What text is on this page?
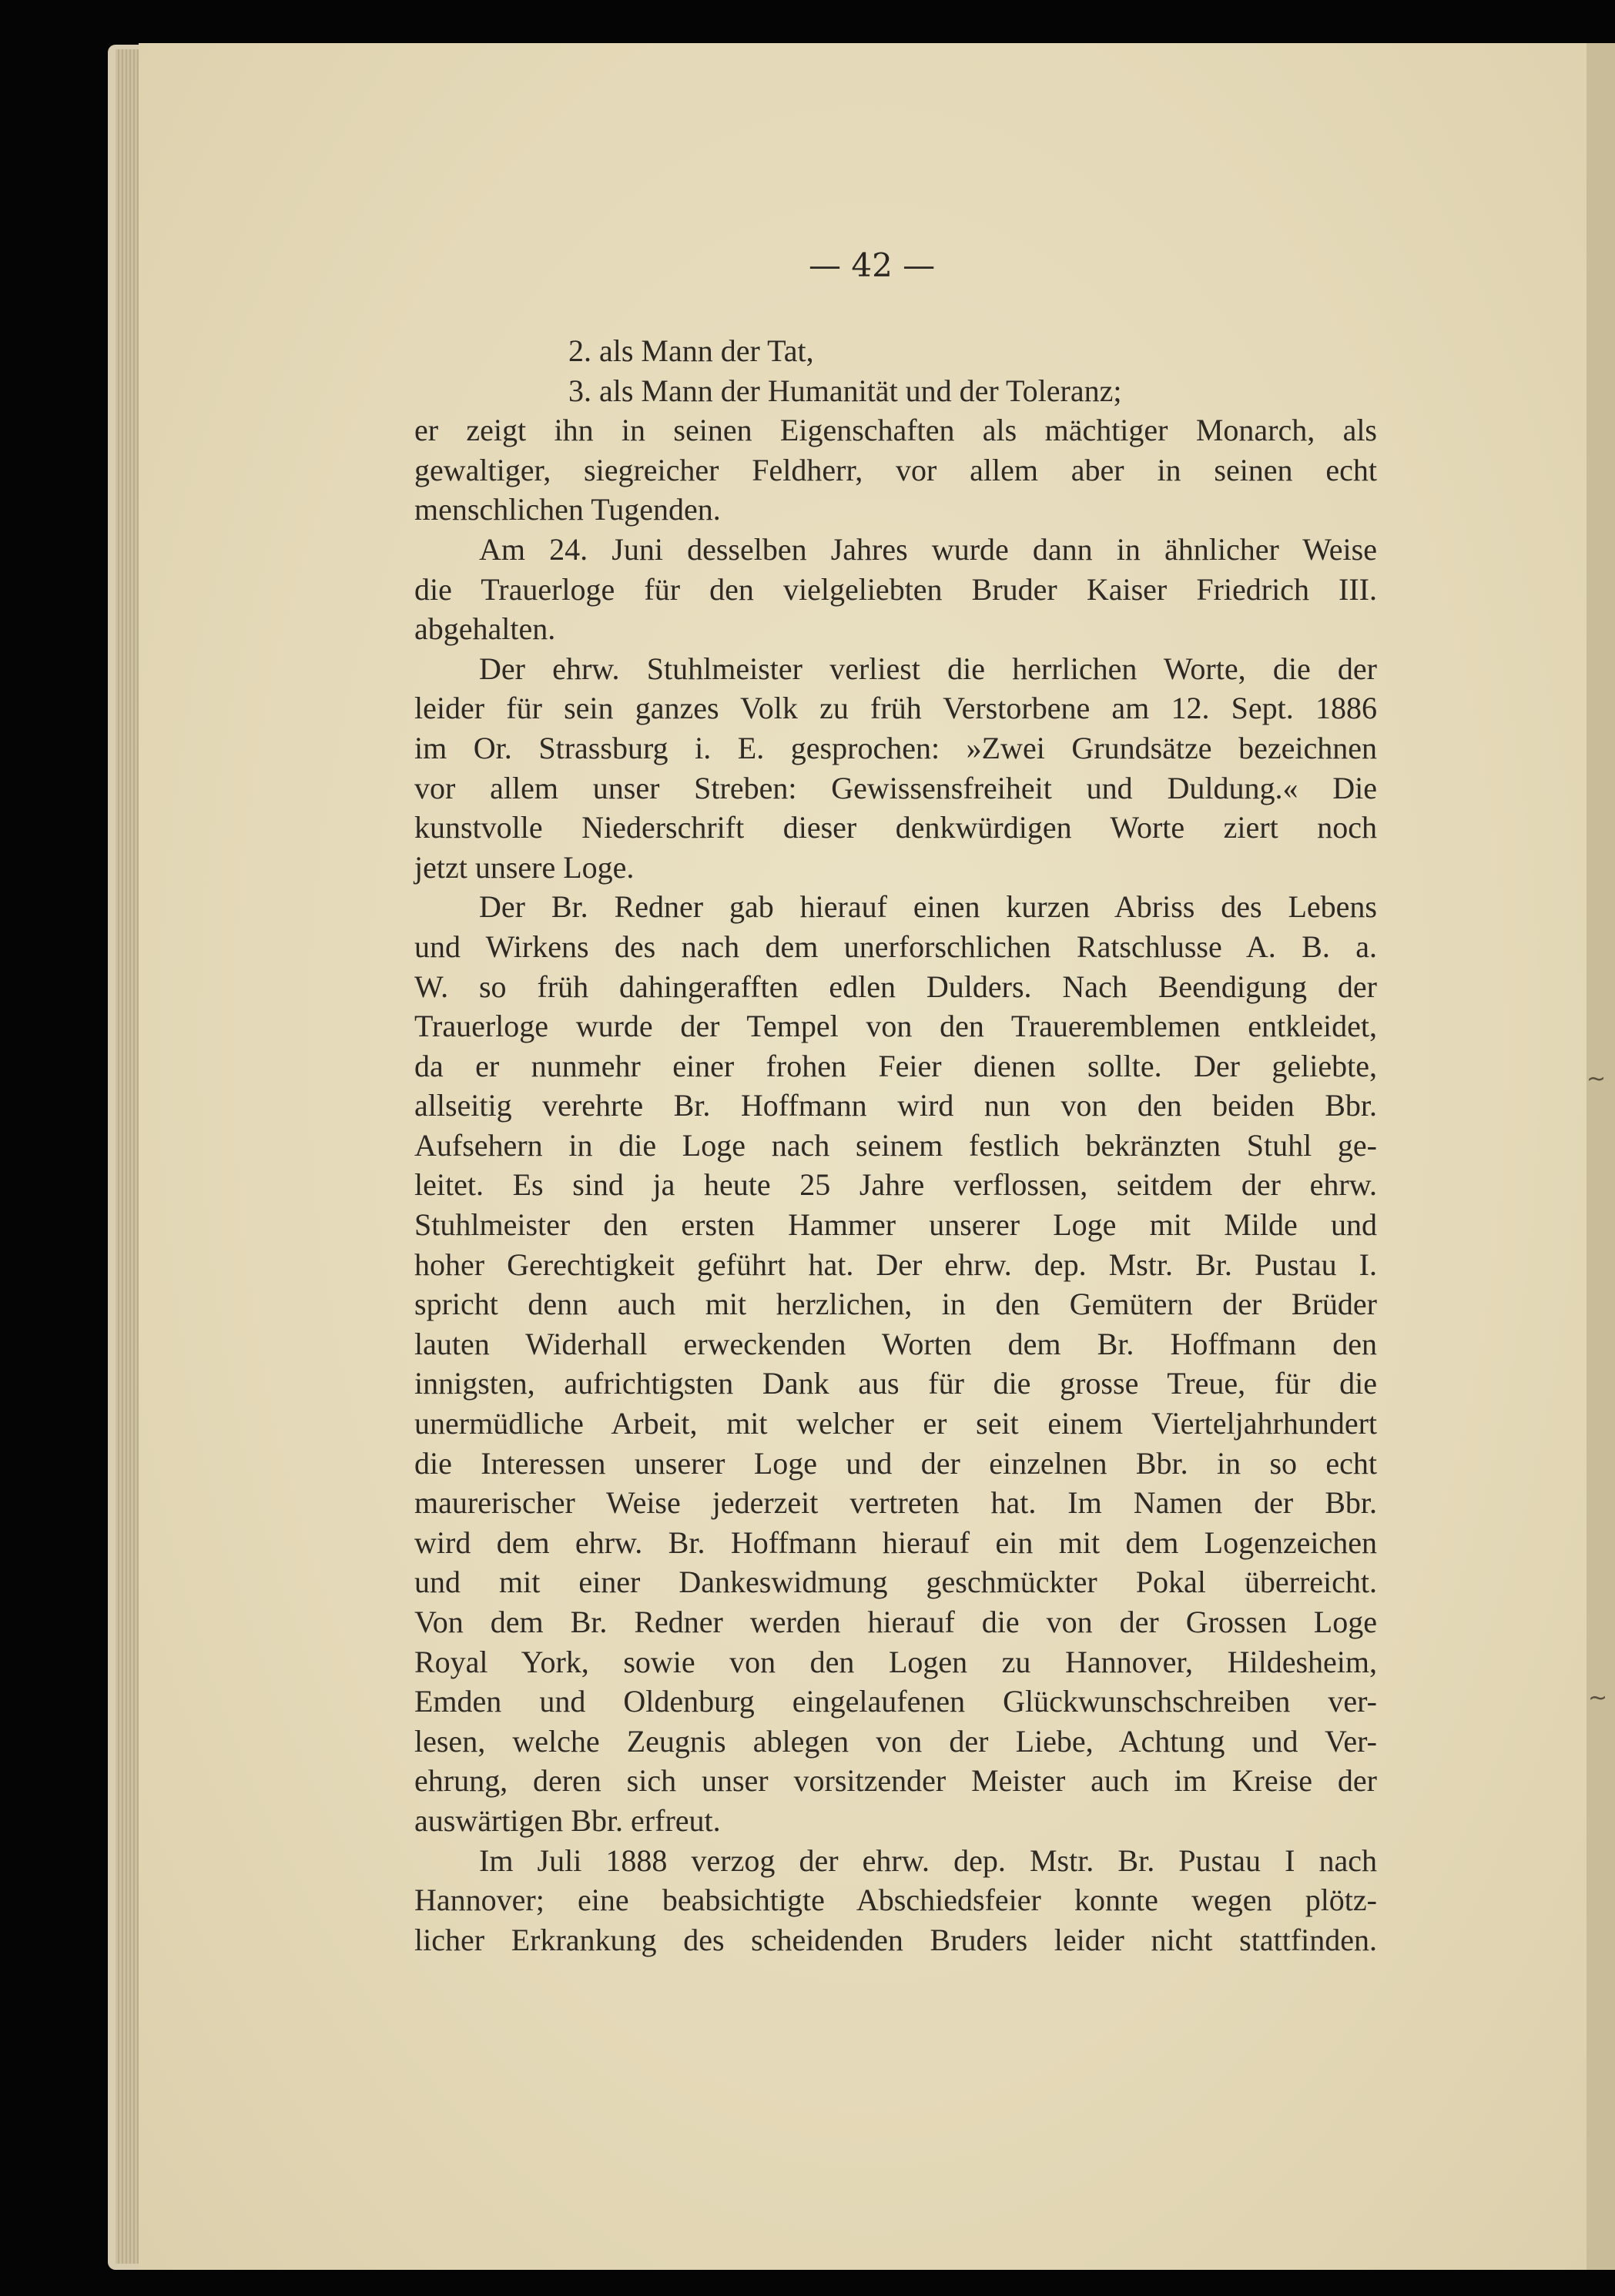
— 42 —
2. als Mann der Tat,
3. als Mann der Humanität und der Toleranz;
er zeigt ihn in seinen Eigenschaften als mächtiger Monarch, als
gewaltiger, siegreicher Feldherr, vor allem aber in seinen echt
menschlichen Tugenden.
Am 24. Juni desselben Jahres wurde dann in ähnlicher Weise
die Trauerloge für den vielgeliebten Bruder Kaiser Friedrich III.
abgehalten.
Der ehrw. Stuhlmeister verliest die herrlichen Worte, die der
leider für sein ganzes Volk zu früh Verstorbene am 12. Sept. 1886
im Or. Strassburg i. E. gesprochen: »Zwei Grundsätze bezeichnen
vor allem unser Streben: Gewissensfreiheit und Duldung.« Die
kunstvolle Niederschrift dieser denkwürdigen Worte ziert noch
jetzt unsere Loge.
Der Br. Redner gab hierauf einen kurzen Abriss des Lebens
und Wirkens des nach dem unerforschlichen Ratschlusse A. B. a.
W. so früh dahingerafften edlen Dulders. Nach Beendigung der
Trauerloge wurde der Tempel von den Traueremblemen entkleidet,
da er nunmehr einer frohen Feier dienen sollte. Der geliebte,
allseitig verehrte Br. Hoffmann wird nun von den beiden Bbr.
Aufsehern in die Loge nach seinem festlich bekränzten Stuhl ge-
leitet. Es sind ja heute 25 Jahre verflossen, seitdem der ehrw.
Stuhlmeister den ersten Hammer unserer Loge mit Milde und
hoher Gerechtigkeit geführt hat. Der ehrw. dep. Mstr. Br. Pustau I.
spricht denn auch mit herzlichen, in den Gemütern der Brüder
lauten Widerhall erweckenden Worten dem Br. Hoffmann den
innigsten, aufrichtigsten Dank aus für die grosse Treue, für die
unermüdliche Arbeit, mit welcher er seit einem Vierteljahrhundert
die Interessen unserer Loge und der einzelnen Bbr. in so echt
maurerischer Weise jederzeit vertreten hat. Im Namen der Bbr.
wird dem ehrw. Br. Hoffmann hierauf ein mit dem Logenzeichen
und mit einer Dankeswidmung geschmückter Pokal überreicht.
Von dem Br. Redner werden hierauf die von der Grossen Loge
Royal York, sowie von den Logen zu Hannover, Hildesheim,
Emden und Oldenburg eingelaufenen Glückwunschschreiben ver-
lesen, welche Zeugnis ablegen von der Liebe, Achtung und Ver-
ehrung, deren sich unser vorsitzender Meister auch im Kreise der
auswärtigen Bbr. erfreut.
Im Juli 1888 verzog der ehrw. dep. Mstr. Br. Pustau I nach
Hannover; eine beabsichtigte Abschiedsfeier konnte wegen plötz-
licher Erkrankung des scheidenden Bruders leider nicht stattfinden.
~
~
